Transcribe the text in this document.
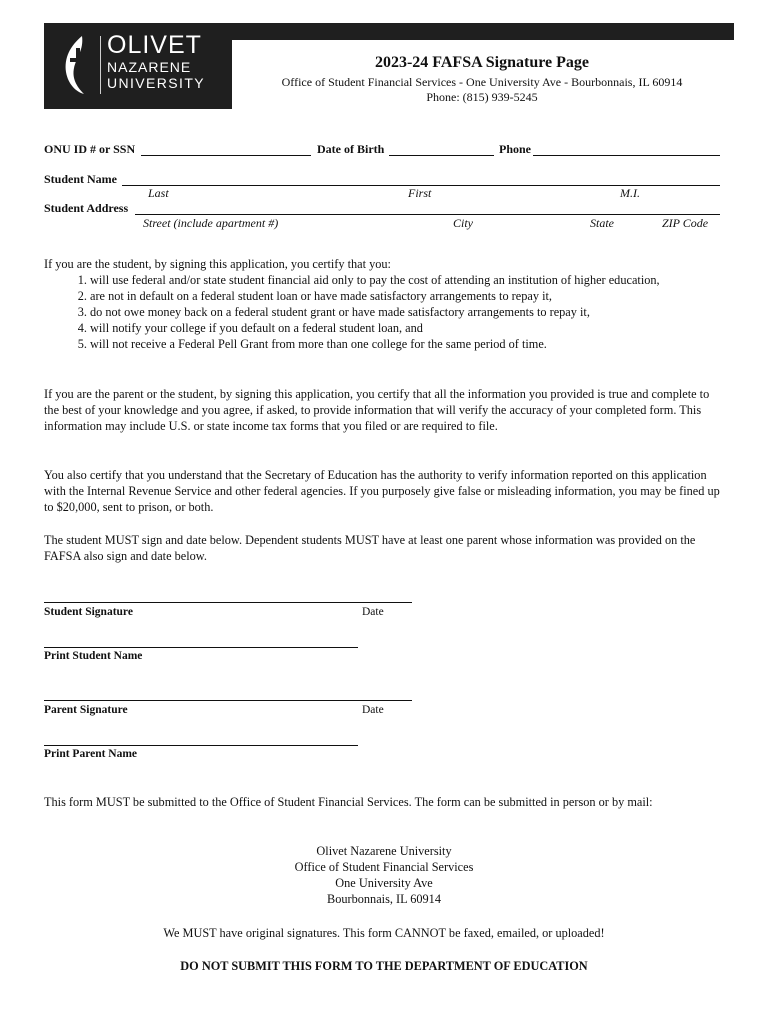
OLIVET
NAZARENE
UNIVERSITY
2023-24 FAFSA Signature Page
Office of Student Financial Services - One University Ave - Bourbonnais, IL 60914
Phone: (815) 939-5245
ONU ID # or SSN	Date of Birth	Phone
Student Name
Last	First	M.I.
Student Address
Street (include apartment #)	City	State	ZIP Code
If you are the student, by signing this application, you certify that you:
1. will use federal and/or state student financial aid only to pay the cost of attending an institution of higher education,
2. are not in default on a federal student loan or have made satisfactory arrangements to repay it,
3. do not owe money back on a federal student grant or have made satisfactory arrangements to repay it,
4. will notify your college if you default on a federal student loan, and
5. will not receive a Federal Pell Grant from more than one college for the same period of time.
If you are the parent or the student, by signing this application, you certify that all the information you provided is true and complete to the best of your knowledge and you agree, if asked, to provide information that will verify the accuracy of your completed form. This information may include U.S. or state income tax forms that you filed or are required to file.
You also certify that you understand that the Secretary of Education has the authority to verify information reported on this application with the Internal Revenue Service and other federal agencies. If you purposely give false or misleading information, you may be fined up to $20,000, sent to prison, or both.
The student MUST sign and date below. Dependent students MUST have at least one parent whose information was provided on the FAFSA also sign and date below.
Student Signature	Date
Print Student Name
Parent Signature	Date
Print Parent Name
This form MUST be submitted to the Office of Student Financial Services. The form can be submitted in person or by mail:
Olivet Nazarene University
Office of Student Financial Services
One University Ave
Bourbonnais, IL 60914
We MUST have original signatures. This form CANNOT be faxed, emailed, or uploaded!
DO NOT SUBMIT THIS FORM TO THE DEPARTMENT OF EDUCATION
